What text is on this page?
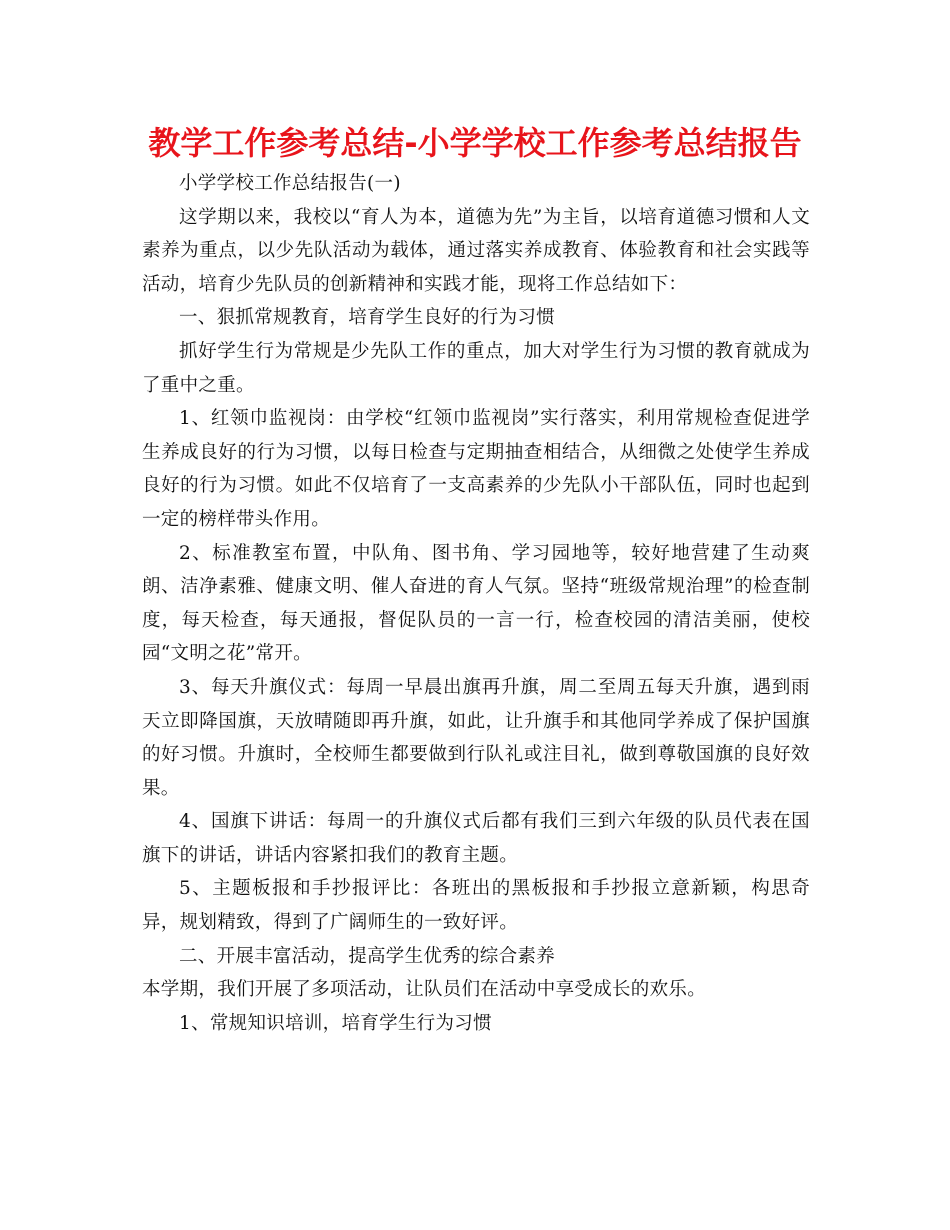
教学工作参考总结-小学学校工作参考总结报告

小学学校工作总结报告(一)

这学期以来，我校以“育人为本，道德为先”为主旨，以培育道德习惯和人文素养为重点，以少先队活动为载体，通过落实养成教育、体验教育和社会实践等活动，培育少先队员的创新精神和实践才能，现将工作总结如下：

一、狠抓常规教育，培育学生良好的行为习惯

抓好学生行为常规是少先队工作的重点，加大对学生行为习惯的教育就成为了重中之重。

1、红领巾监视岗：由学校“红领巾监视岗”实行落实，利用常规检查促进学生养成良好的行为习惯，以每日检查与定期抽查相结合，从细微之处使学生养成良好的行为习惯。如此不仅培育了一支高素养的少先队小干部队伍，同时也起到一定的榜样带头作用。

2、标准教室布置，中队角、图书角、学习园地等，较好地营建了生动爽朗、洁净素雅、健康文明、催人奋进的育人气氛。坚持“班级常规治理”的检查制度，每天检查，每天通报，督促队员的一言一行，检查校园的清洁美丽，使校园“文明之花”常开。

3、每天升旗仪式：每周一早晨出旗再升旗，周二至周五每天升旗，遇到雨天立即降国旗，天放晴随即再升旗，如此，让升旗手和其他同学养成了保护国旗的好习惯。升旗时，全校师生都要做到行队礼或注目礼，做到尊敬国旗的良好效果。

4、国旗下讲话：每周一的升旗仪式后都有我们三到六年级的队员代表在国旗下的讲话，讲话内容紧扣我们的教育主题。

5、主题板报和手抄报评比：各班出的黑板报和手抄报立意新颖，构思奇异，规划精致，得到了广阔师生的一致好评。

二、开展丰富活动，提高学生优秀的综合素养

本学期，我们开展了多项活动，让队员们在活动中享受成长的欢乐。

1、常规知识培训，培育学生行为习惯
